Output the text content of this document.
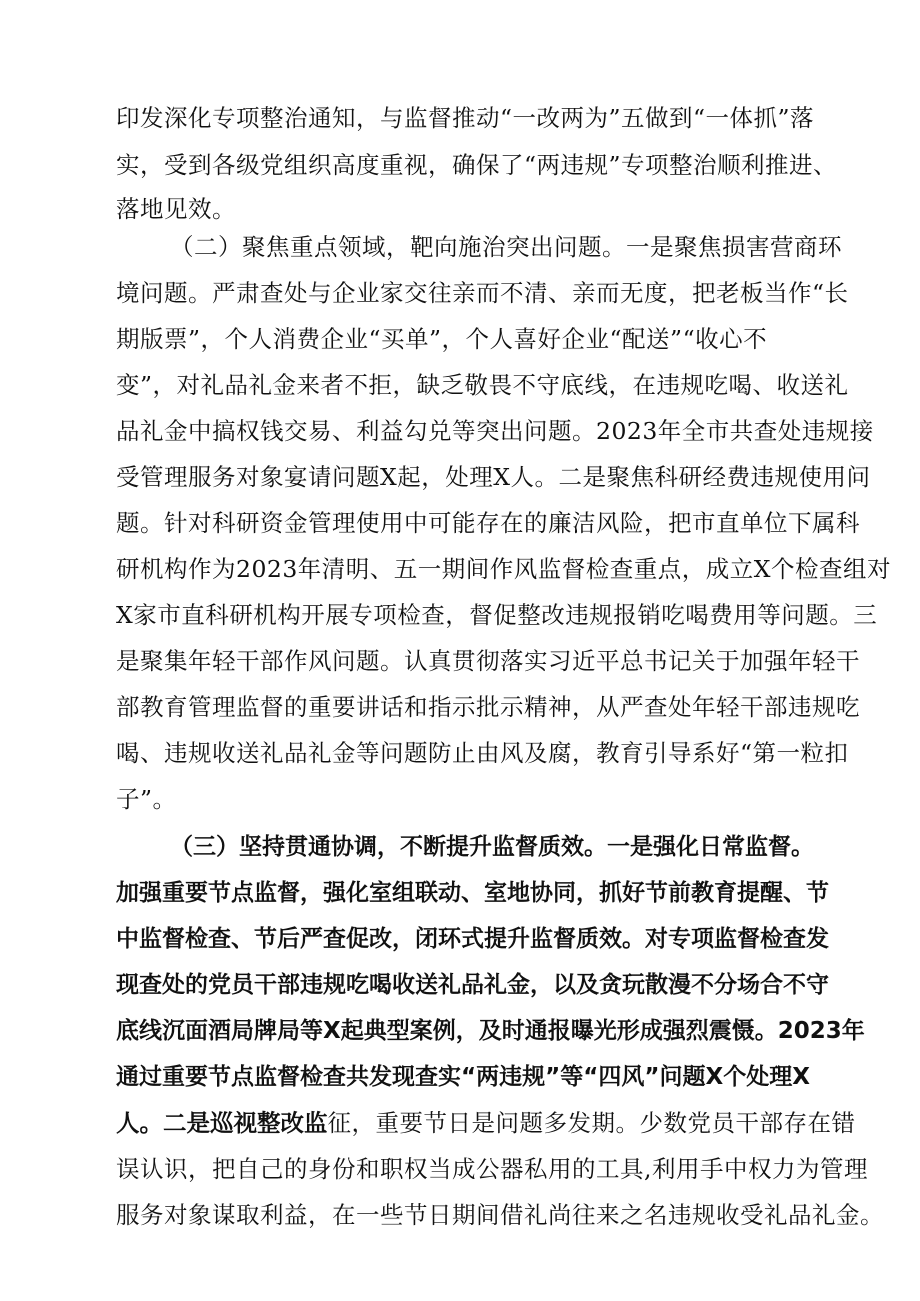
印发深化专项整治通知，与监督推动“一改两为”五做到“一体抓”落
实，受到各级党组织高度重视，确保了“两违规”专项整治顺利推进、
落地见效。
（二）聚焦重点领域，靶向施治突出问题。一是聚焦损害营商环
境问题。严肃查处与企业家交往亲而不清、亲而无度，把老板当作“长
期版票”，个人消费企业“买单”，个人喜好企业“配送”“收心不
变”，对礼品礼金来者不拒，缺乏敬畏不守底线，在违规吃喝、收送礼
品礼金中搞权钱交易、利益勾兑等突出问题。2023年全市共查处违规接
受管理服务对象宴请问题X起，处理X人。二是聚焦科研经费违规使用问
题。针对科研资金管理使用中可能存在的廉洁风险，把市直单位下属科
研机构作为2023年清明、五一期间作风监督检查重点，成立X个检查组对
X家市直科研机构开展专项检查，督促整改违规报销吃喝费用等问题。三
是聚集年轻干部作风问题。认真贯彻落实习近平总书记关于加强年轻干
部教育管理监督的重要讲话和指示批示精神，从严查处年轻干部违规吃
喝、违规收送礼品礼金等问题防止由风及腐，教育引导系好“第一粒扣
子”。
（三）坚持贯通协调，不断提升监督质效。一是强化日常监督。
加强重要节点监督，强化室组联动、室地协同，抓好节前教育提醒、节
中监督检查、节后严查促改，闭环式提升监督质效。对专项监督检查发
现查处的党员干部违规吃喝收送礼品礼金，以及贪玩散漫不分场合不守
底线沉面酒局牌局等X起典型案例，及时通报曝光形成强烈震慑。2023年
通过重要节点监督检查共发现查实“两违规”等“四风”问题X个处理X
人。二是巡视整改监征，重要节日是问题多发期。少数党员干部存在错
误认识，把自己的身份和职权当成公器私用的工具,利用手中权力为管理
服务对象谋取利益，在一些节日期间借礼尚往来之名违规收受礼品礼金。
